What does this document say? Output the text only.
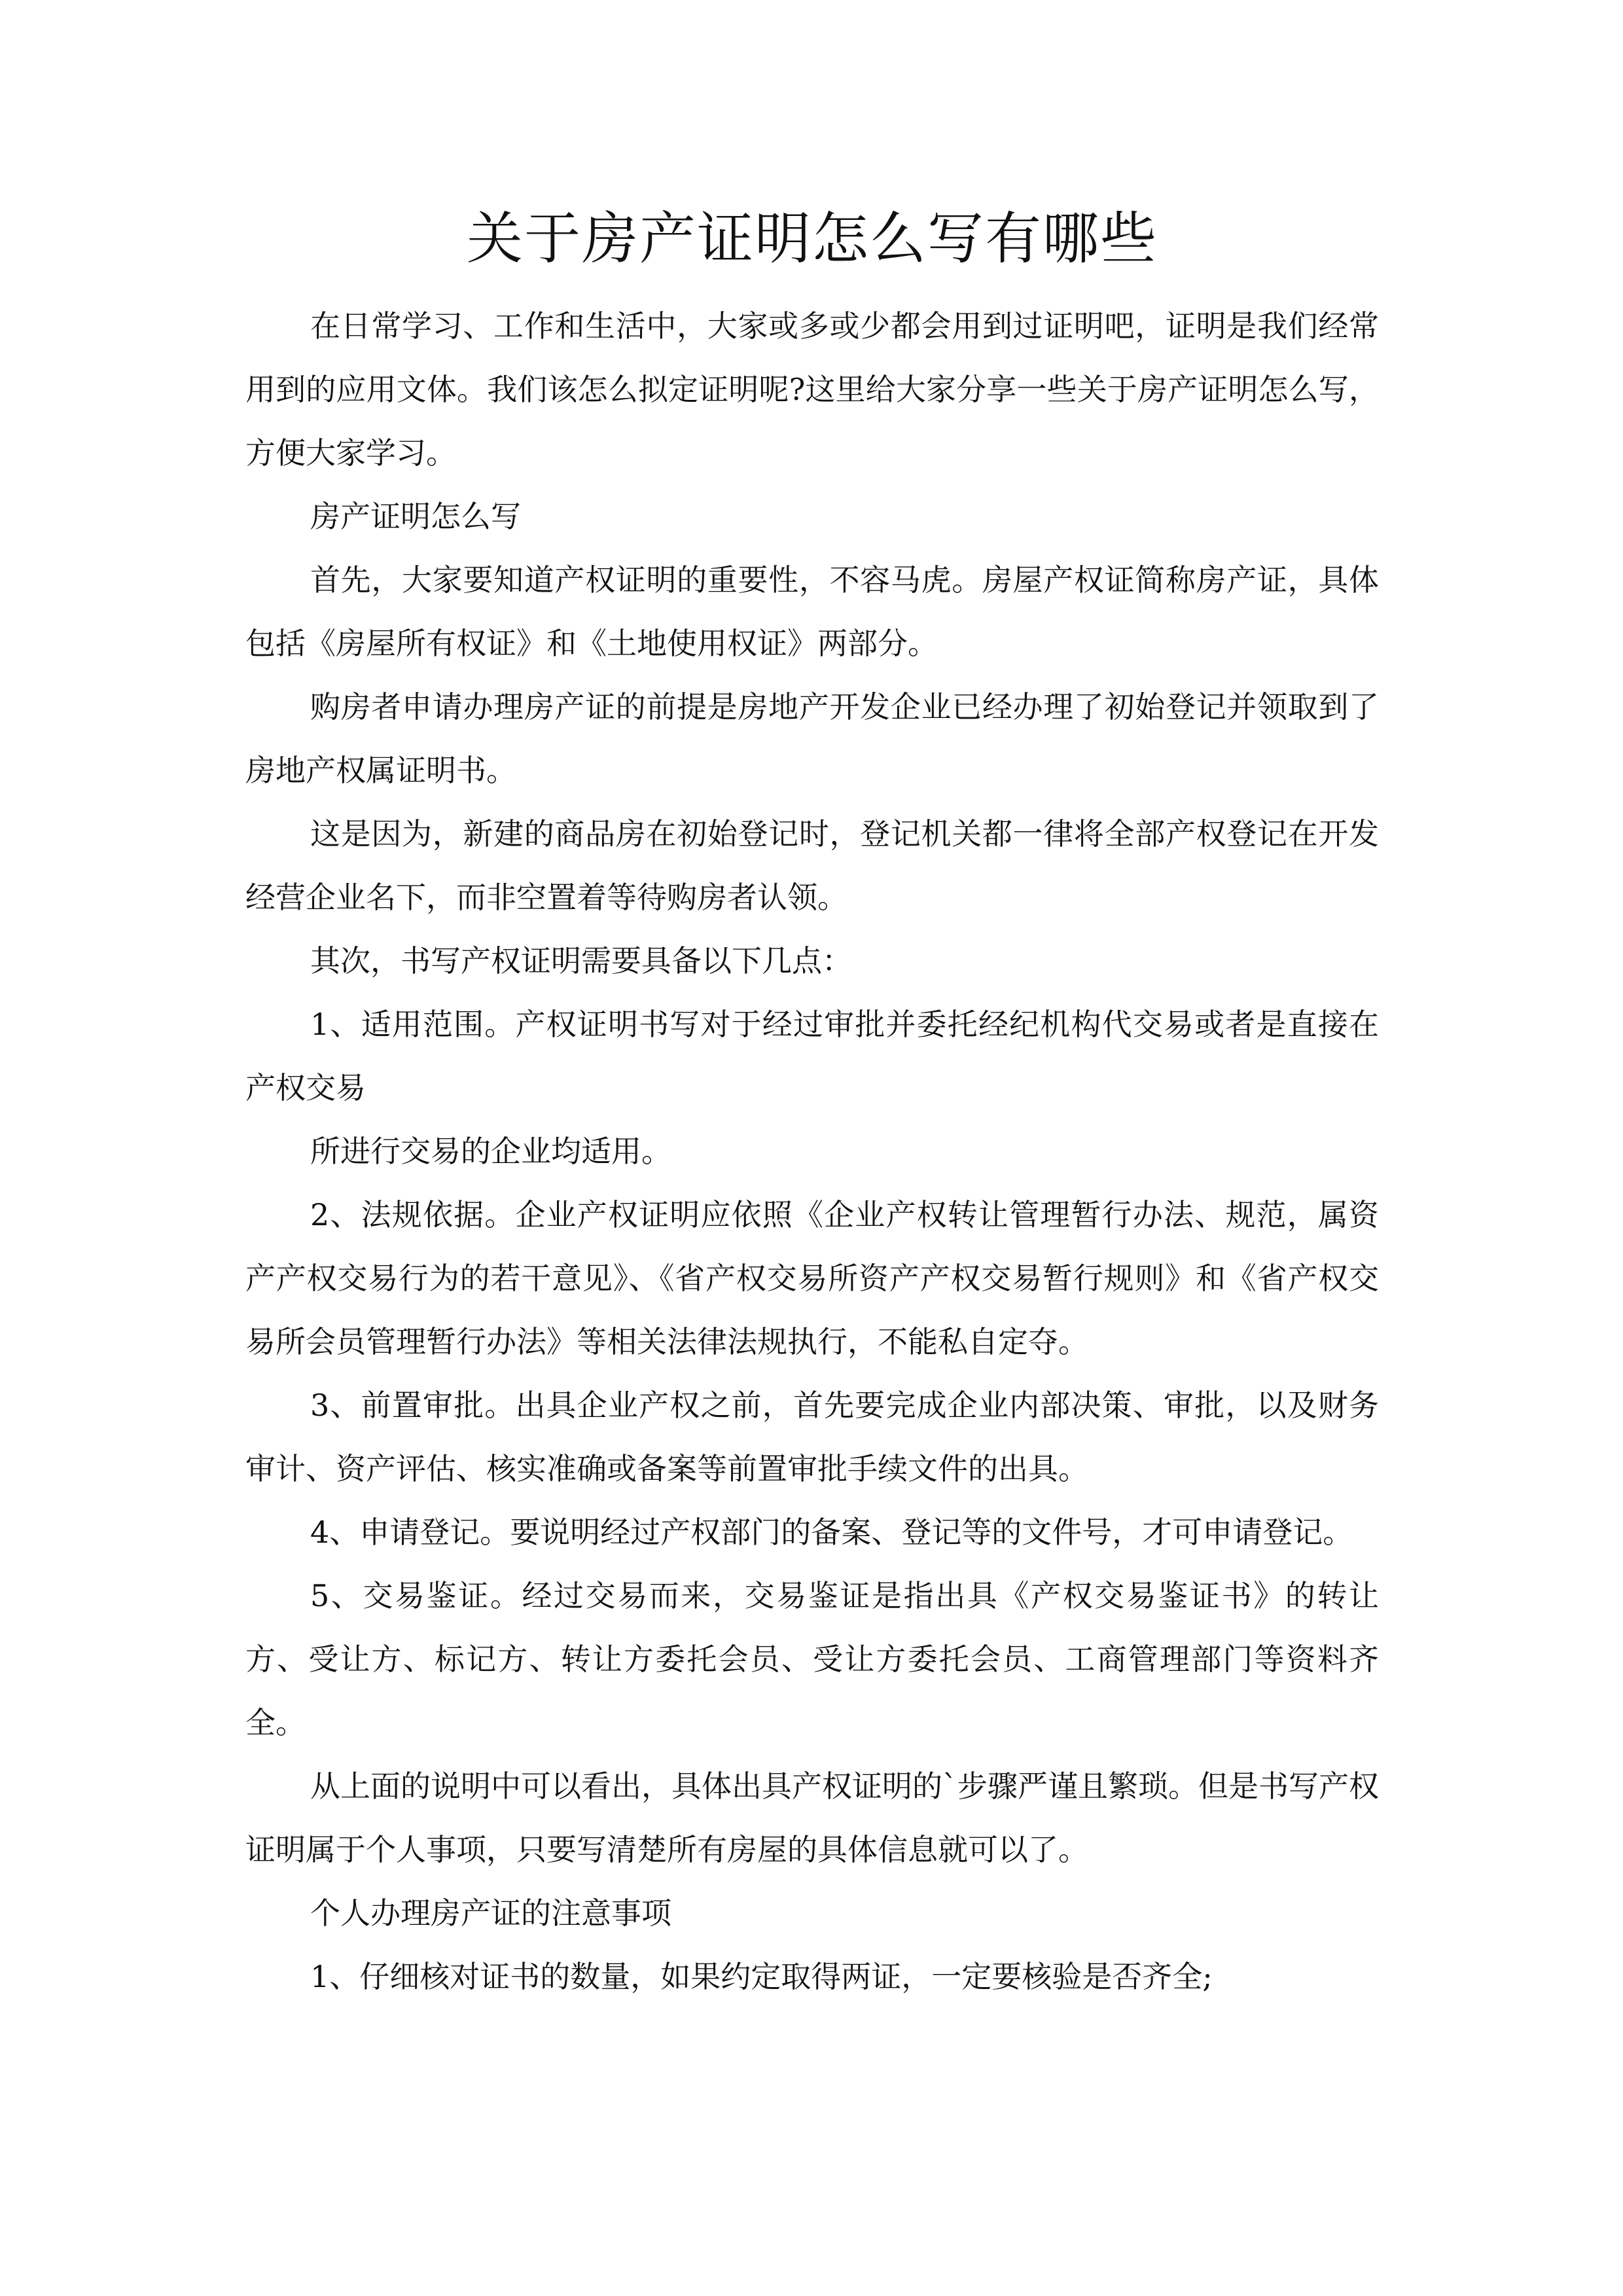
关于房产证明怎么写有哪些

在日常学习、工作和生活中，大家或多或少都会用到过证明吧，证明是我们经常用到的应用文体。我们该怎么拟定证明呢?这里给大家分享一些关于房产证明怎么写，方便大家学习。

房产证明怎么写

首先，大家要知道产权证明的重要性，不容马虎。房屋产权证简称房产证，具体包括《房屋所有权证》和《土地使用权证》两部分。

购房者申请办理房产证的前提是房地产开发企业已经办理了初始登记并领取到了房地产权属证明书。

这是因为，新建的商品房在初始登记时，登记机关都一律将全部产权登记在开发经营企业名下，而非空置着等待购房者认领。

其次，书写产权证明需要具备以下几点：

1、适用范围。产权证明书写对于经过审批并委托经纪机构代交易或者是直接在产权交易

所进行交易的企业均适用。

2、法规依据。企业产权证明应依照《企业产权转让管理暂行办法、规范，属资产产权交易行为的若干意见》、《省产权交易所资产产权交易暂行规则》和《省产权交易所会员管理暂行办法》等相关法律法规执行，不能私自定夺。

3、前置审批。出具企业产权之前，首先要完成企业内部决策、审批，以及财务审计、资产评估、核实准确或备案等前置审批手续文件的出具。

4、申请登记。要说明经过产权部门的备案、登记等的文件号，才可申请登记。

5、交易鉴证。经过交易而来，交易鉴证是指出具《产权交易鉴证书》的转让方、受让方、标记方、转让方委托会员、受让方委托会员、工商管理部门等资料齐全。

从上面的说明中可以看出，具体出具产权证明的`步骤严谨且繁琐。但是书写产权证明属于个人事项，只要写清楚所有房屋的具体信息就可以了。

个人办理房产证的注意事项

1、仔细核对证书的数量，如果约定取得两证，一定要核验是否齐全;
